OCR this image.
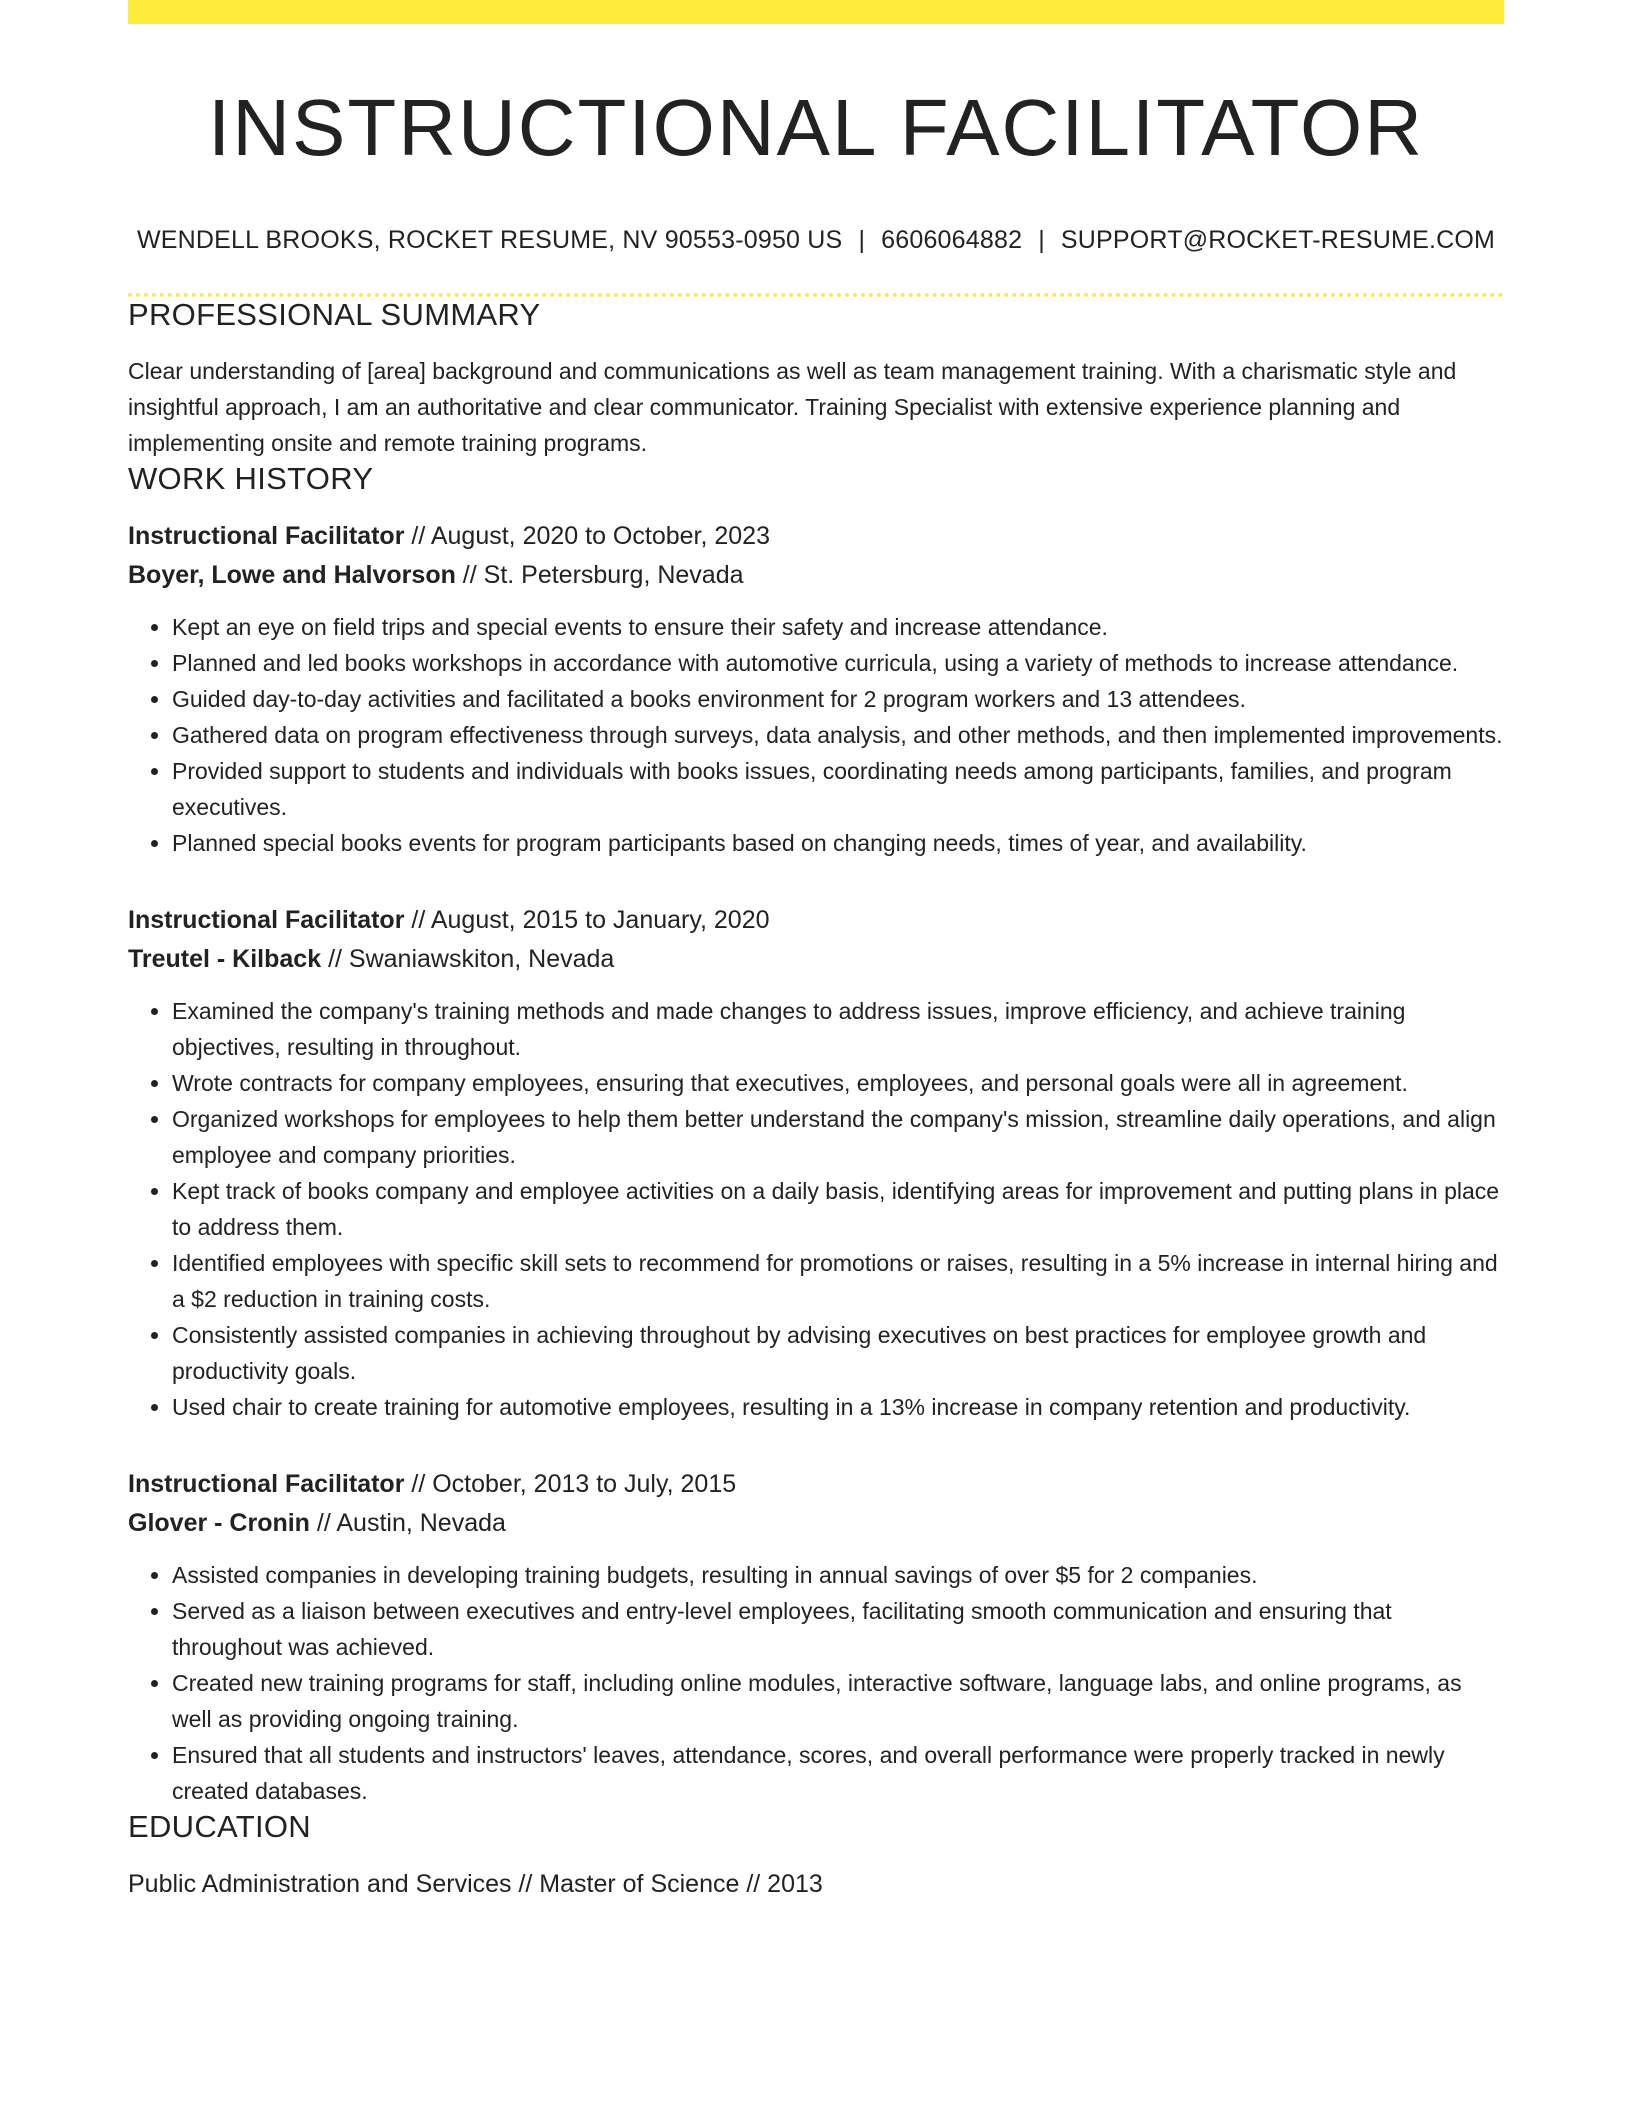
INSTRUCTIONAL FACILITATOR
WENDELL BROOKS, ROCKET RESUME, NV 90553-0950 US | 6606064882 | SUPPORT@ROCKET-RESUME.COM
PROFESSIONAL SUMMARY

Clear understanding of [area] background and communications as well as team management training. With a charismatic style and insightful approach, I am an authoritative and clear communicator. Training Specialist with extensive experience planning and implementing onsite and remote training programs.

WORK HISTORY
Instructional Facilitator // August, 2020 to October, 2023
Boyer, Lowe and Halvorson // St. Petersburg, Nevada
• Kept an eye on field trips and special events to ensure their safety and increase attendance.
• Planned and led books workshops in accordance with automotive curricula, using a variety of methods to increase attendance.
• Guided day-to-day activities and facilitated a books environment for 2 program workers and 13 attendees.
• Gathered data on program effectiveness through surveys, data analysis, and other methods, and then implemented improvements.
• Provided support to students and individuals with books issues, coordinating needs among participants, families, and program executives.
• Planned special books events for program participants based on changing needs, times of year, and availability.
Instructional Facilitator // August, 2015 to January, 2020
Treutel - Kilback // Swaniawskiton, Nevada
• Examined the company's training methods and made changes to address issues, improve efficiency, and achieve training objectives, resulting in throughout.
• Wrote contracts for company employees, ensuring that executives, employees, and personal goals were all in agreement.
• Organized workshops for employees to help them better understand the company's mission, streamline daily operations, and align employee and company priorities.
• Kept track of books company and employee activities on a daily basis, identifying areas for improvement and putting plans in place to address them.
• Identified employees with specific skill sets to recommend for promotions or raises, resulting in a 5% increase in internal hiring and a $2 reduction in training costs.
• Consistently assisted companies in achieving throughout by advising executives on best practices for employee growth and productivity goals.
• Used chair to create training for automotive employees, resulting in a 13% increase in company retention and productivity.
Instructional Facilitator // October, 2013 to July, 2015
Glover - Cronin // Austin, Nevada
• Assisted companies in developing training budgets, resulting in annual savings of over $5 for 2 companies.
• Served as a liaison between executives and entry-level employees, facilitating smooth communication and ensuring that throughout was achieved.
• Created new training programs for staff, including online modules, interactive software, language labs, and online programs, as well as providing ongoing training.
• Ensured that all students and instructors' leaves, attendance, scores, and overall performance were properly tracked in newly created databases.
EDUCATION
Public Administration and Services // Master of Science // 2013
